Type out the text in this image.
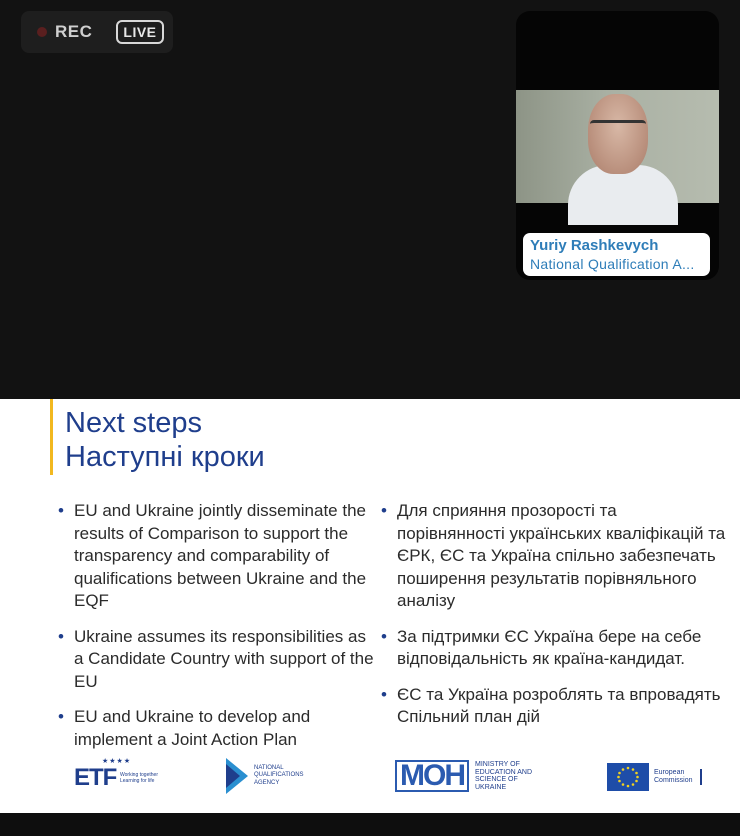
REC	LIVE
Yuriy Rashkevych
National Qualification A...
Next steps
Наступні кроки
• EU and Ukraine jointly disseminate the results of Comparison to support the transparency and comparability of qualifications between Ukraine and the EQF
• Ukraine assumes its responsibilities as a Candidate Country with support of the EU
• EU and Ukraine to develop and implement a Joint Action Plan
• Для сприяння прозорості та порівнянності українських кваліфікацій та ЄРК, ЄС та Україна спільно забезпечать поширення результатів порівняльного аналізу
• За підтримки ЄС Україна бере на себе відповідальність як країна-кандидат.
• ЄС та Україна розроблять та впровадять Спільний план дій
★★★★
ETF Working together Learning for life
NATIONAL QUALIFICATIONS AGENCY	МОН	MINISTRY OF EDUCATION AND SCIENCE OF UKRAINE
European Commission
